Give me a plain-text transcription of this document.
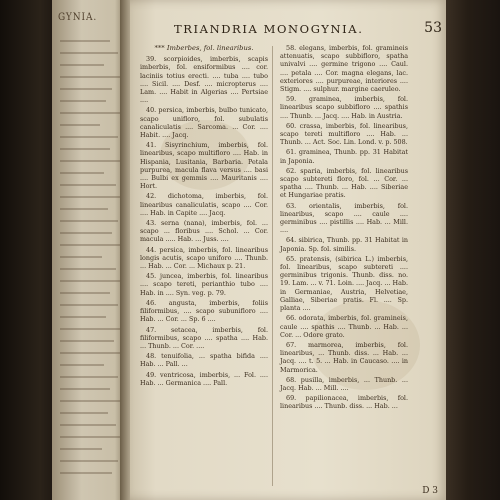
GYNIA.
TRIANDRIA MONOGYNIA.	53
*** Imberbes, fol. linearibus.

39. scorpioides, imberbis, scapis imberbis, fol. ensiformibus .... cor. laciniis totius erecti. .... tuba .... tubo .... Sicil. .... Desf. .... micropterus .... Lam. .... Habit in Algerias .... Pertsiae ....

40. persica, imberbis, bulbo tunicato, scapo unifloro, fol. subulatis canaliculatis .... Sarcoma. ... Cor. .... Habit. .... Jacq.

41. Sisyrinchium, imberbis, fol. linearibus, scapo multifloro .... Hab. in Hispania, Lusitania, Barbaria. Petala purpurea, macula flava versus .... basi .... Bulbi ex gemmis .... Mauritanis .... Hort.

42. dichotoma, imberbis, fol. linearibus canaliculatis, scapo .... Cor. .... Hab. in Capite .... Jacq.

43. serna (nana), imberbis, fol. ... scapo ... floribus .... Schol. ... Cor. macula ..... Hab. ... Juss. ....

44. persica, imberbis, fol. linearibus longis acutis, scapo uniforo .... Thunb. ... Hab. ... Cor. ... Michaux p. 21.

45. juncea, imberbis, fol. linearibus .... scapo tereti, perianthio tubo .... Hab. in .... Syn. veg. p. 79.

46. angusta, imberbis, foliis filiformibus, .... scapo subunifloro .... Hab. ... Cor. ... Sp. 6 ....

47. setacea, imberbis, fol. filiformibus, scapo .... spatha .... Hab. ... Thunb. ... Cor. ....

48. tenuifolia, ... spatha bifida .... Hab. ... Pall. ...

49. ventricosa, imberbis, ... Fol. .... Hab. ... Germanica .... Pall.

58. elegans, imberbis, fol. gramineis attenuatis, scapo subbifloro, spatha univalvi .... germine trigono .... Caul. .... petala .... Cor. magna elegans, lac. exteriores .... purpureae, interiores .... Stigm. .... sulphur. margine caeruleo.

59. graminea, imberbis, fol. linearibus scapo subbifloro .... spathis .... Thunb. ... Jacq. .... Hab. in Austria.

60. crassa, imberbis, fol. linearibus, scapo tereti multifloro .... Hab. ... Thunb. ... Act. Soc. Lin. Lond. v. p. 508.

61. graminea, Thunb. pp. 31 Habitat in Japonia.

62. sparia, imberbis, fol. linearibus scapo subtereti floro, fol. ... Cor. ... spatha .... Thunb. ... Hab. .... Siberiae et Hungariae pratis.

63. orientalis, imberbis, fol. linearibus, scapo .... caule .... germinibus .... pistillis .... Hab. ... Mill. ....

64. sibirica, Thunb. pp. 31 Habitat in Japonia. Sp. fol. similis.

65. pratensis, (sibirica L.) imberbis, fol. linearibus, scapo subtereti .... germinibus trigonis. Thunb. diss. no. 19. Lam. ... v. 71. Loin. .... Jacq. ... Hab. in Germaniae, Austria, Helvetiae, Galliae, Siberiae pratis. Fl. .... Sp. planta ....

66. odorata, imberbis, fol. gramineis, caule .... spathis .... Thunb. ... Hab. ... Cor. ... Odore grato.

67. marmorea, imberbis, fol. linearibus, ... Thunb. diss. ... Hab. ... Jacq. .... t. 5. ... Hab. in Caucaso. .... in Marmorica.

68. pusilla, imberbis, ... Thunb. ... Jacq. Hab. ... Mill. ....

69. papilionacea, imberbis, fol. linearibus .... Thunb. diss. ... Hab. ...

D 3
